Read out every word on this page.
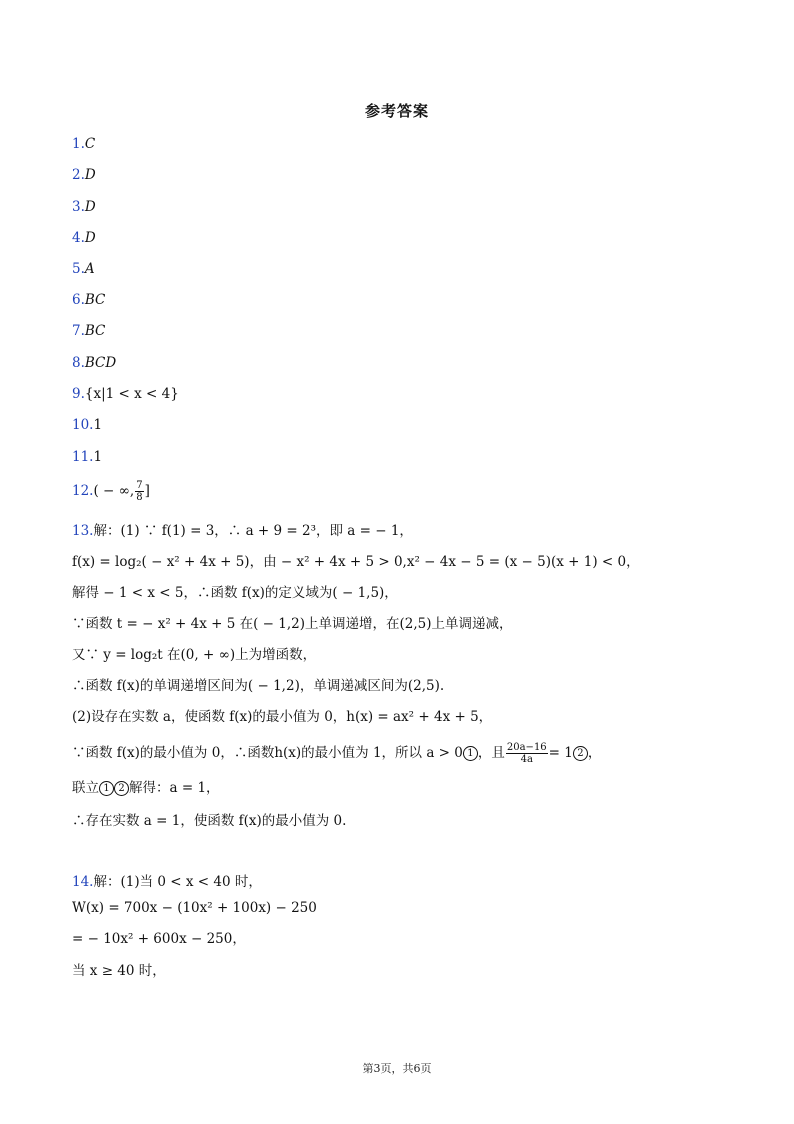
参考答案
1.C
2.D
3.D
4.D
5.A
6.BC
7.BC
8.BCD
9.{x|1 < x < 4}
10.1
11.1
12.( − ∞, $\frac{7}{8}$ ]
13.解：(1) ∵ f(1) = 3，∴ a + 9 = 2³，即 a = − 1，
f(x) = log₂( − x² + 4x + 5)，由 − x² + 4x + 5 > 0,x² − 4x − 5 = (x − 5)(x + 1) < 0，
解得 − 1 < x < 5，∴函数 f(x)的定义域为( − 1,5)，
∵函数 t = − x² + 4x + 5 在( − 1,2)上单调递增，在(2,5)上单调递减，
又∵ y = log₂t 在(0, + ∞)上为增函数，
∴函数 f(x)的单调递增区间为( − 1,2)，单调递减区间为(2,5).
(2)设存在实数 a，使函数 f(x)的最小值为 0，h(x) = ax² + 4x + 5，
∵函数 f(x)的最小值为 0，∴函数h(x)的最小值为 1，所以 a > 0 1 ，且 $\frac{20a-16}{4a} = 1$ 2 ，
联立 1 2 解得：a = 1，
∴存在实数 a = 1，使函数 f(x)的最小值为 0.
14.解：(1)当 0 < x < 40 时，
W(x) = 700x − (10x² + 100x) − 250
= − 10x² + 600x − 250，
当 x ≥ 40 时，
第3页，共6页
